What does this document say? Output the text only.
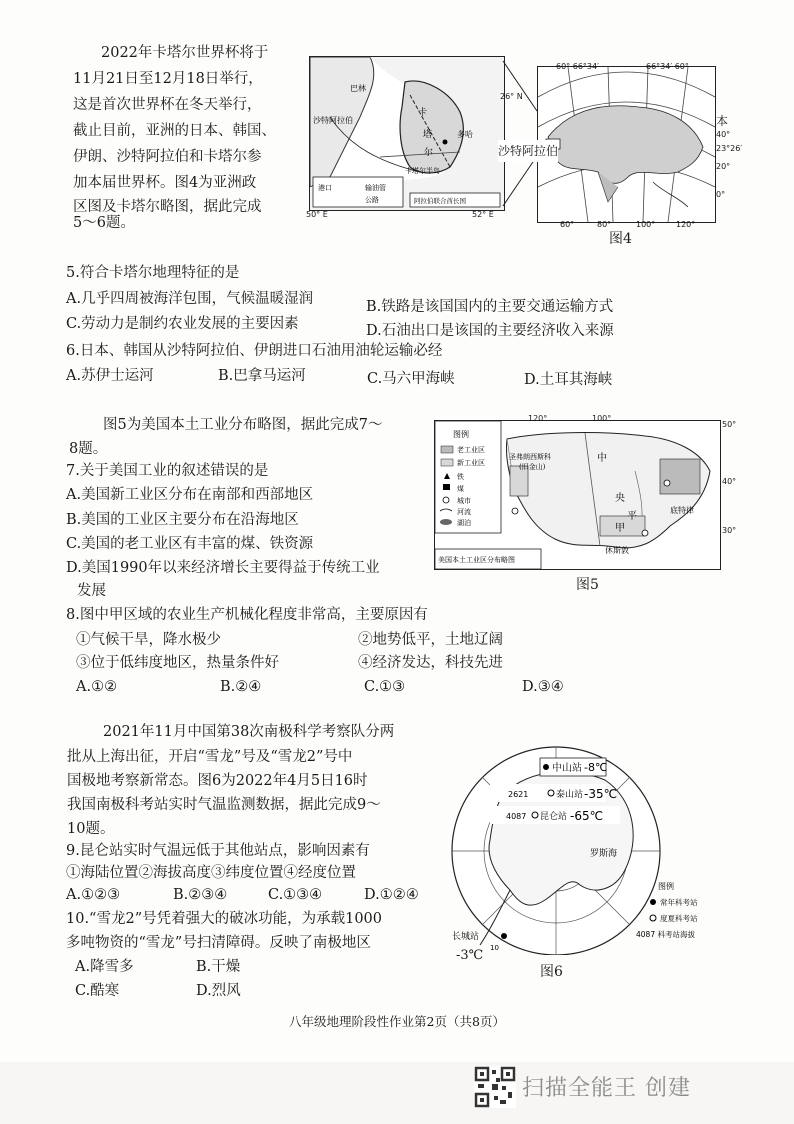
2022年卡塔尔世界杯将于
11月21日至12月18日举行，
这是首次世界杯在冬天举行，
截止目前，亚洲的日本、韩国、
伊朗、沙特阿拉伯和卡塔尔参
加本届世界杯。图4为亚洲政
区图及卡塔尔略图，据此完成
5～6题。
巴林
沙特阿拉伯
卡
塔
尔
多哈
卡塔尔半岛
港口	输油管
公路	阿拉伯联合酋长国
50° E	52° E
60° 66°34′	66°34′ 60°
26° N
沙特阿拉伯
本
40°
23°26′
20°
0°
60°	80°	100°	120°
图4
5.符合卡塔尔地理特征的是
A.几乎四周被海洋包围，气候温暖湿润	B.铁路是该国国内的主要交通运输方式
C.劳动力是制约农业发展的主要因素	D.石油出口是该国的主要经济收入来源
6.日本、韩国从沙特阿拉伯、伊朗进口石油用油轮运输必经
A.苏伊士运河	B.巴拿马运河	C.马六甲海峡	D.土耳其海峡
图5为美国本土工业分布略图，据此完成7～
8题。
图例
老工业区
新工业区
铁
煤
城市
河流
湖泊
美国本土工业区分布略图
圣弗朗西斯科
(旧金山)
中
央
平
甲
底特律
休斯敦
120°	100°
50°
40°
30°
图5
7.关于美国工业的叙述错误的是
A.美国新工业区分布在南部和西部地区
B.美国的工业区主要分布在沿海地区
C.美国的老工业区有丰富的煤、铁资源
D.美国1990年以来经济增长主要得益于传统工业
发展
8.图中甲区域的农业生产机械化程度非常高，主要原因有
①气候干旱，降水极少	②地势低平，土地辽阔
③位于低纬度地区，热量条件好	④经济发达，科技先进
A.①②	B.②④	C.①③	D.③④
2021年11月中国第38次南极科学考察队分两
批从上海出征，开启“雪龙”号及“雪龙2”号中
国极地考察新常态。图6为2022年4月5日16时
我国南极科考站实时气温监测数据，据此完成9～
10题。
中山站 -8℃
2621	泰山站 -35℃
4087 昆仑站 -65℃
罗斯海
长城站
10
图例
常年科考站
度夏科考站
4087 科考站海拔
-3℃
图6
9.昆仑站实时气温远低于其他站点，影响因素有
①海陆位置②海拔高度③纬度位置④经度位置
A.①②③	B.②③④	C.①③④	D.①②④
10.“雪龙2”号凭着强大的破冰功能，为承载1000
多吨物资的“雪龙”号扫清障碍。反映了南极地区
A.降雪多	B.干燥
C.酷寒	D.烈风
八年级地理阶段性作业第2页（共8页）
扫描全能王 创建
